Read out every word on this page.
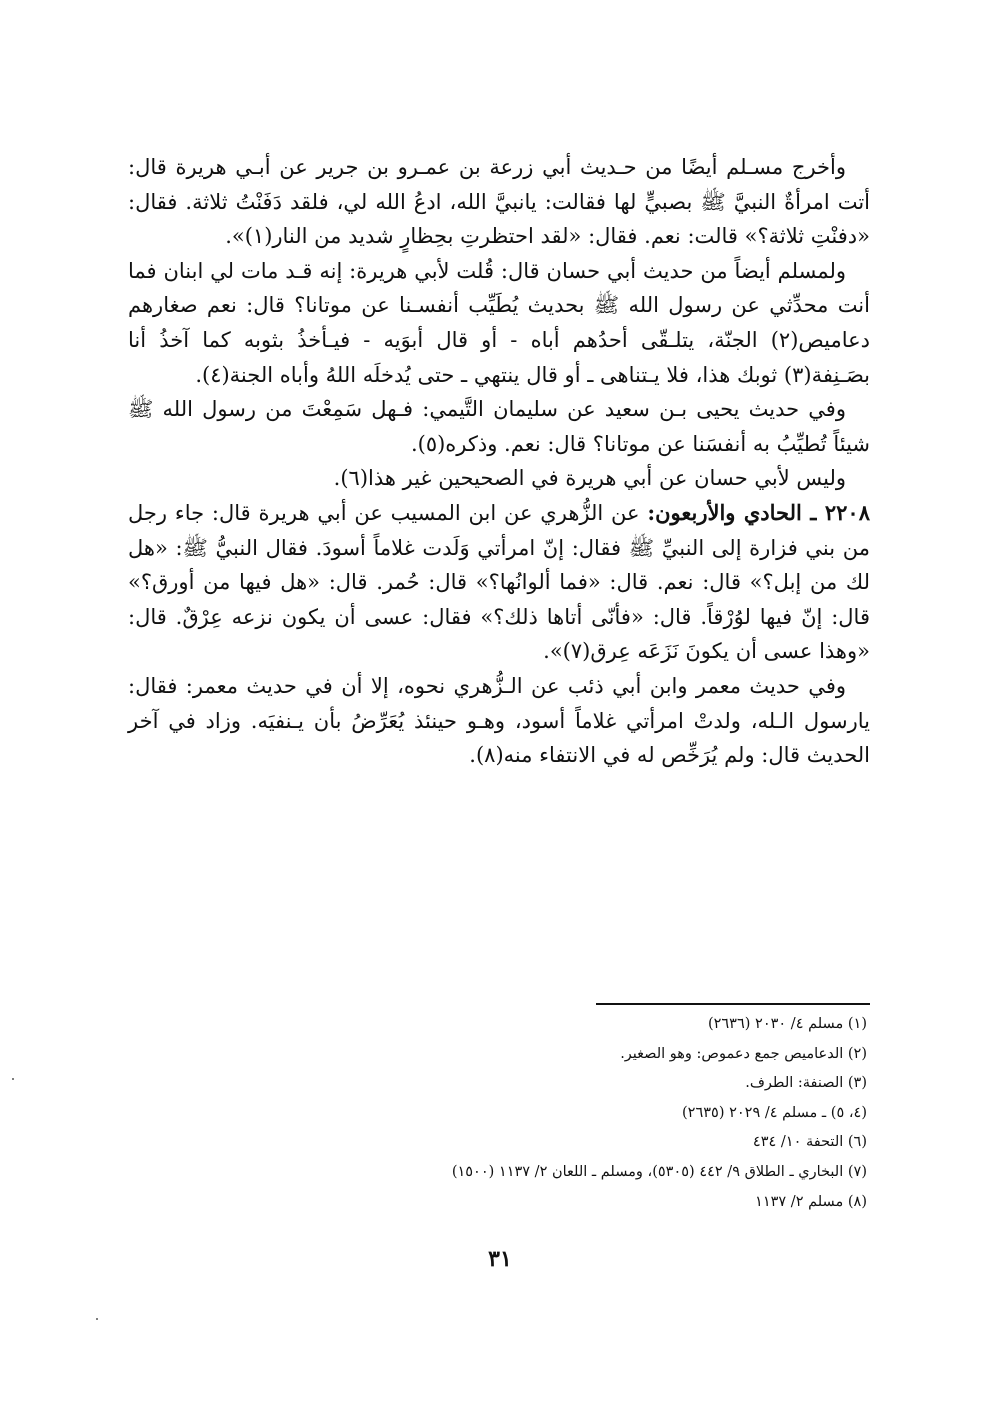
وأخرج مسـلم أيضًا من حـديث أبي زرعة بن عمـرو بن جرير عن أبـي هريرة قال: أتت امرأةٌ النبيَّ ﷺ بصبيٍّ لها فقالت: يانبيَّ الله، ادعُ الله لي، فلقد دَفَنْتُ ثلاثة. فقال: «دفنْتِ ثلاثة؟» قالت: نعم. فقال: «لقد احتظرتِ بحِظارٍ شديد من النار(١)».

ولمسلم أيضاً من حديث أبي حسان قال: قُلت لأبي هريرة: إنه قـد مات لي ابنان فما أنت محدِّثي عن رسول الله ﷺ بحديث يُطَيِّب أنفسـنا عن موتانا؟ قال: نعم صغارهم دعاميص(٢) الجنّة، يتلـقّى أحدُهم أباه - أو قال أبوَيه - فيـأخذُ بثوبه كما آخذُ أنا بصَـنِفة(٣) ثوبك هذا، فلا يـتناهى ـ أو قال ينتهي ـ حتى يُدخلَه اللهُ وأباه الجنة(٤).

وفي حديث يحيى بـن سعيد عن سليمان التَّيمي: فـهل سَمِعْتَ من رسول الله ﷺ شيئاً تُطيِّبُ به أنفسَنا عن موتانا؟ قال: نعم. وذكره(٥).

وليس لأبي حسان عن أبي هريرة في الصحيحين غير هذا(٦).

٢٢٠٨ ـ الحادي والأربعون: عن الزُّهري عن ابن المسيب عن أبي هريرة قال: جاء رجل من بني فزارة إلى النبيِّ ﷺ فقال: إنّ امرأتي وَلَدت غلاماً أسودَ. فقال النبيُّ ﷺ: «هل لك من إبل؟» قال: نعم. قال: «فما ألوانُها؟» قال: حُمر. قال: «هل فيها من أورق؟» قال: إنّ فيها لوُرْقاً. قال: «فأنّى أتاها ذلك؟» فقال: عسى أن يكون نزعه عِرْقٌ. قال: «وهذا عسى أن يكونَ نَزَعَه عِرق(٧)».

وفي حديث معمر وابن أبي ذئب عن الـزُّهري نحوه، إلا أن في حديث معمر: فقال: يارسول الـله، ولدتْ امرأتي غلاماً أسود، وهـو حينئذ يُعَرِّضُ بأن يـنفيَه. وزاد في آخر الحديث قال: ولم يُرَخِّص له في الانتفاء منه(٨).

(١) مسلم ٤/ ٢٠٣٠ (٢٦٣٦)
(٢) الدعاميص جمع دعموص: وهو الصغير.
(٣) الصنفة: الطرف.
(٤، ٥) ـ مسلم ٤/ ٢٠٢٩ (٢٦٣٥)
(٦) التحفة ١٠/ ٤٣٤
(٧) البخاري ـ الطلاق ٩/ ٤٤٢ (٥٣٠٥)، ومسلم ـ اللعان ٢/ ١١٣٧ (١٥٠٠)
(٨) مسلم ٢/ ١١٣٧
٣١
